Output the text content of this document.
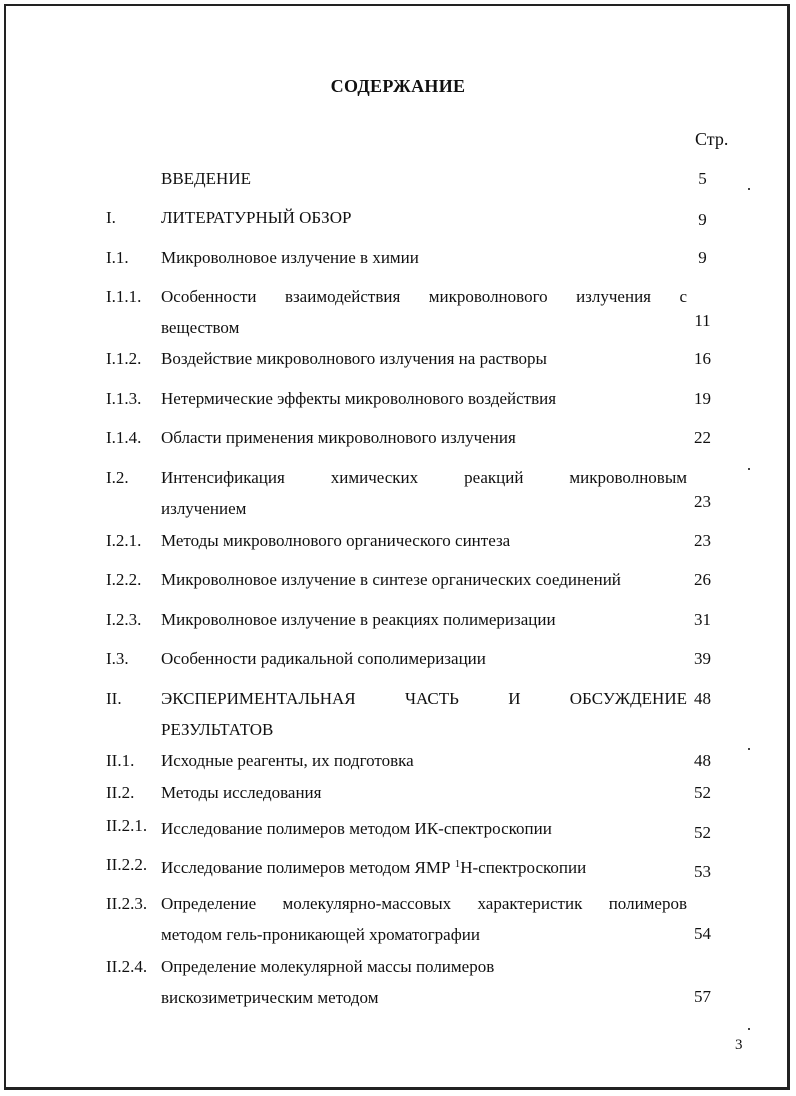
СОДЕРЖАНИЕ
Стр.
ВВЕДЕНИЕ	5
I.	ЛИТЕРАТУРНЫЙ ОБЗОР	9
I.1. Микроволновое излучение в химии	9
I.1.1. Особенности взаимодействия микроволнового излучения с
веществом	11
I.1.2. Воздействие микроволнового излучения на растворы	16
I.1.3. Нетермические эффекты микроволнового воздействия	19
I.1.4. Области применения микроволнового излучения	22
I.2. Интенсификация химических реакций микроволновым
излучением	23
I.2.1. Методы микроволнового органического синтеза	23
I.2.2. Микроволновое излучение в синтезе органических соединений	26
I.2.3. Микроволновое излучение в реакциях полимеризации	31
I.3. Особенности радикальной сополимеризации	39
II. ЭКСПЕРИМЕНТАЛЬНАЯ ЧАСТЬ И ОБСУЖДЕНИЕ
РЕЗУЛЬТАТОВ
48
II.1. Исходные реагенты, их подготовка	48
II.2. Методы исследования	52
II.2.1. Исследование полимеров методом ИК-спектроскопии	52
II.2.2. Исследование полимеров методом ЯМР $^1$Н-спектроскопии	53
II.2.3. Определение молекулярно-массовых характеристик полимеров
методом гель-проникающей хроматографии	54
II.2.4. Определение молекулярной массы полимеров
вискозиметрическим методом	57
3
